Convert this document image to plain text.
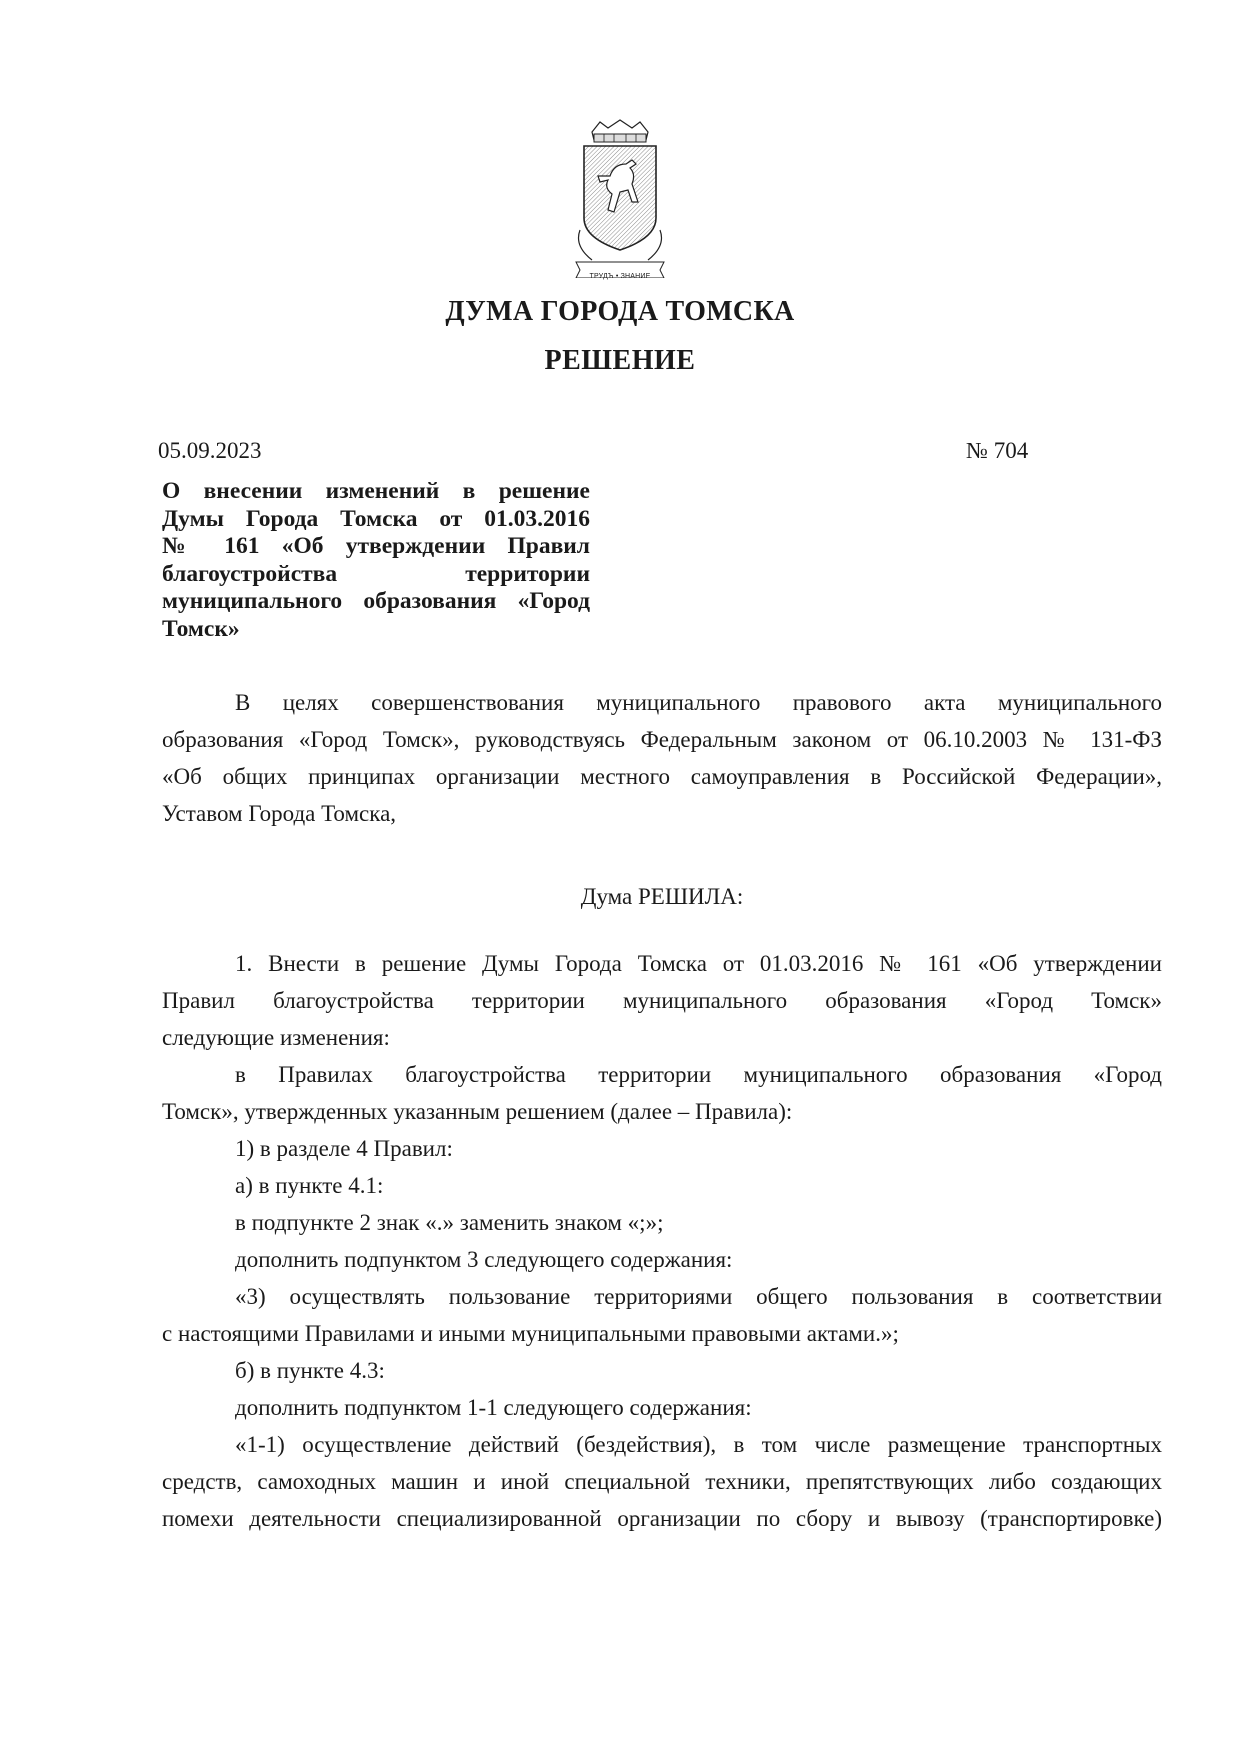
ТРУДЪ • ЗНАНИЕ
ДУМА ГОРОДА ТОМСКА
РЕШЕНИЕ
05.09.2023	№ 704
О внесении изменений в решение
Думы Города Томска от 01.03.2016
№ 161 «Об утверждении Правил
благоустройства территории
муниципального образования «Город
Томск»
В целях совершенствования муниципального правового акта муниципального
образования «Город Томск», руководствуясь Федеральным законом от 06.10.2003 № 131-ФЗ
«Об общих принципах организации местного самоуправления в Российской Федерации»,
Уставом Города Томска,
Дума РЕШИЛА:
1. Внести в решение Думы Города Томска от 01.03.2016 № 161 «Об утверждении
Правил благоустройства территории муниципального образования «Город Томск»
следующие изменения:
в Правилах благоустройства территории муниципального образования «Город
Томск», утвержденных указанным решением (далее – Правила):
1) в разделе 4 Правил:
а) в пункте 4.1:
в подпункте 2 знак «.» заменить знаком «;»;
дополнить подпунктом 3 следующего содержания:
«3) осуществлять пользование территориями общего пользования в соответствии
с настоящими Правилами и иными муниципальными правовыми актами.»;
б) в пункте 4.3:
дополнить подпунктом 1-1 следующего содержания:
«1-1) осуществление действий (бездействия), в том числе размещение транспортных
средств, самоходных машин и иной специальной техники, препятствующих либо создающих
помехи деятельности специализированной организации по сбору и вывозу (транспортировке)
